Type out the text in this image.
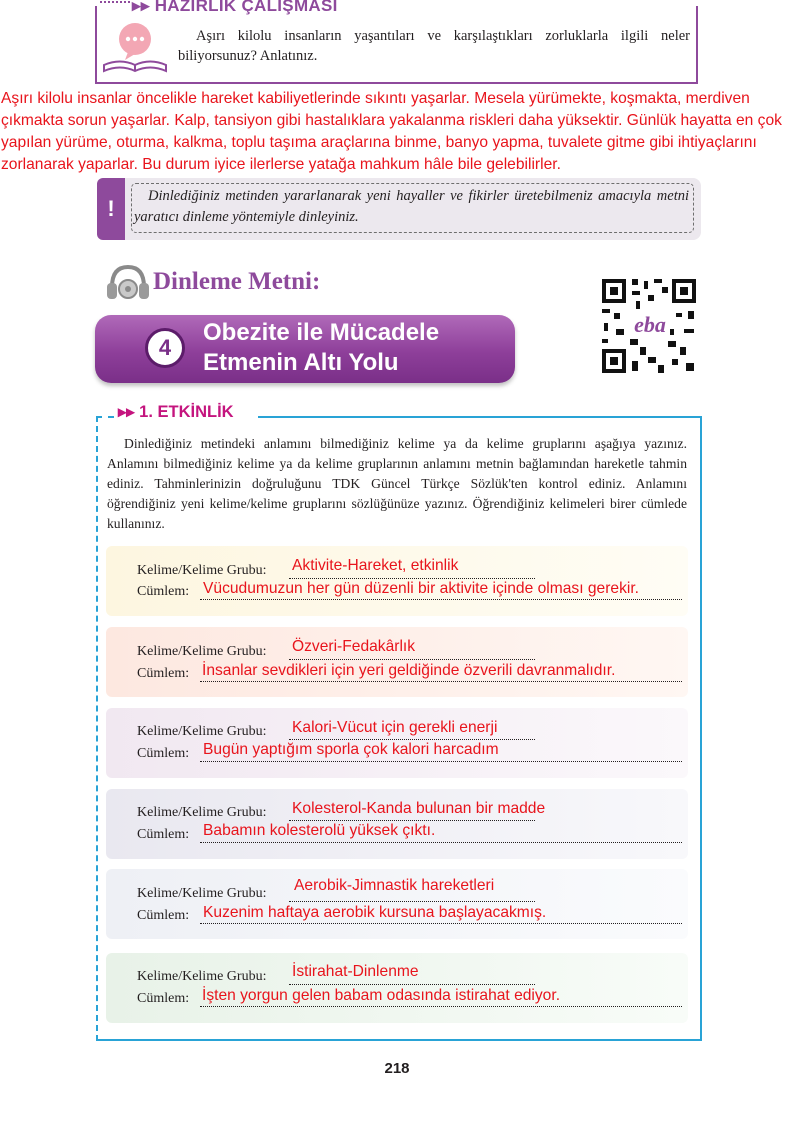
▸▸ HAZIRLIK ÇALIŞMASI
Aşırı kilolu insanların yaşantıları ve karşılaştıkları zorluklarla ilgili neler biliyorsunuz? Anlatınız.
Aşırı kilolu insanlar öncelikle hareket kabiliyetlerinde sıkıntı yaşarlar. Mesela yürümekte, koşmakta, merdiven çıkmakta sorun yaşarlar. Kalp, tansiyon gibi hastalıklara yakalanma riskleri daha yüksektir. Günlük hayatta en çok yapılan yürüme, oturma, kalkma, toplu taşıma araçlarına binme, banyo yapma, tuvalete gitme gibi ihtiyaçlarını zorlanarak yaparlar. Bu durum iyice ilerlerse yatağa mahkum hâle bile gelebilirler.
!	Dinlediğiniz metinden yararlanarak yeni hayaller ve fikirler üretebilmeniz amacıyla metni yaratıcı dinleme yöntemiyle dinleyiniz.
Dinleme Metni:
eba
4
Obezite ile Mücadele
Etmenin Altı Yolu
▸▸ 1. ETKİNLİK
Dinlediğiniz metindeki anlamını bilmediğiniz kelime ya da kelime gruplarını aşağıya yazınız. Anlamını bilmediğiniz kelime ya da kelime gruplarının anlamını metnin bağlamından hareketle tahmin ediniz. Tahminlerinizin doğruluğunu TDK Güncel Türkçe Sözlük'ten kontrol ediniz. Anlamını öğrendiğiniz yeni kelime/kelime gruplarını sözlüğünüze yazınız. Öğrendiğiniz kelimeleri birer cümlede kullanınız.
Kelime/Kelime Grubu: Aktivite-Hareket, etkinlik
Cümlem: Vücudumuzun her gün düzenli bir aktivite içinde olması gerekir.
Kelime/Kelime Grubu: Özveri-Fedakârlık
Cümlem: İnsanlar sevdikleri için yeri geldiğinde özverili davranmalıdır.
Kelime/Kelime Grubu: Kalori-Vücut için gerekli enerji
Cümlem: Bugün yaptığım sporla çok kalori harcadım
Kelime/Kelime Grubu: Kolesterol-Kanda bulunan bir madde
Cümlem: Babamın kolesterolü yüksek çıktı.
Kelime/Kelime Grubu: Aerobik-Jimnastik hareketleri
Cümlem: Kuzenim haftaya aerobik kursuna başlayacakmış.
Kelime/Kelime Grubu: İstirahat-Dinlenme
Cümlem: İşten yorgun gelen babam odasında istirahat ediyor.
218
